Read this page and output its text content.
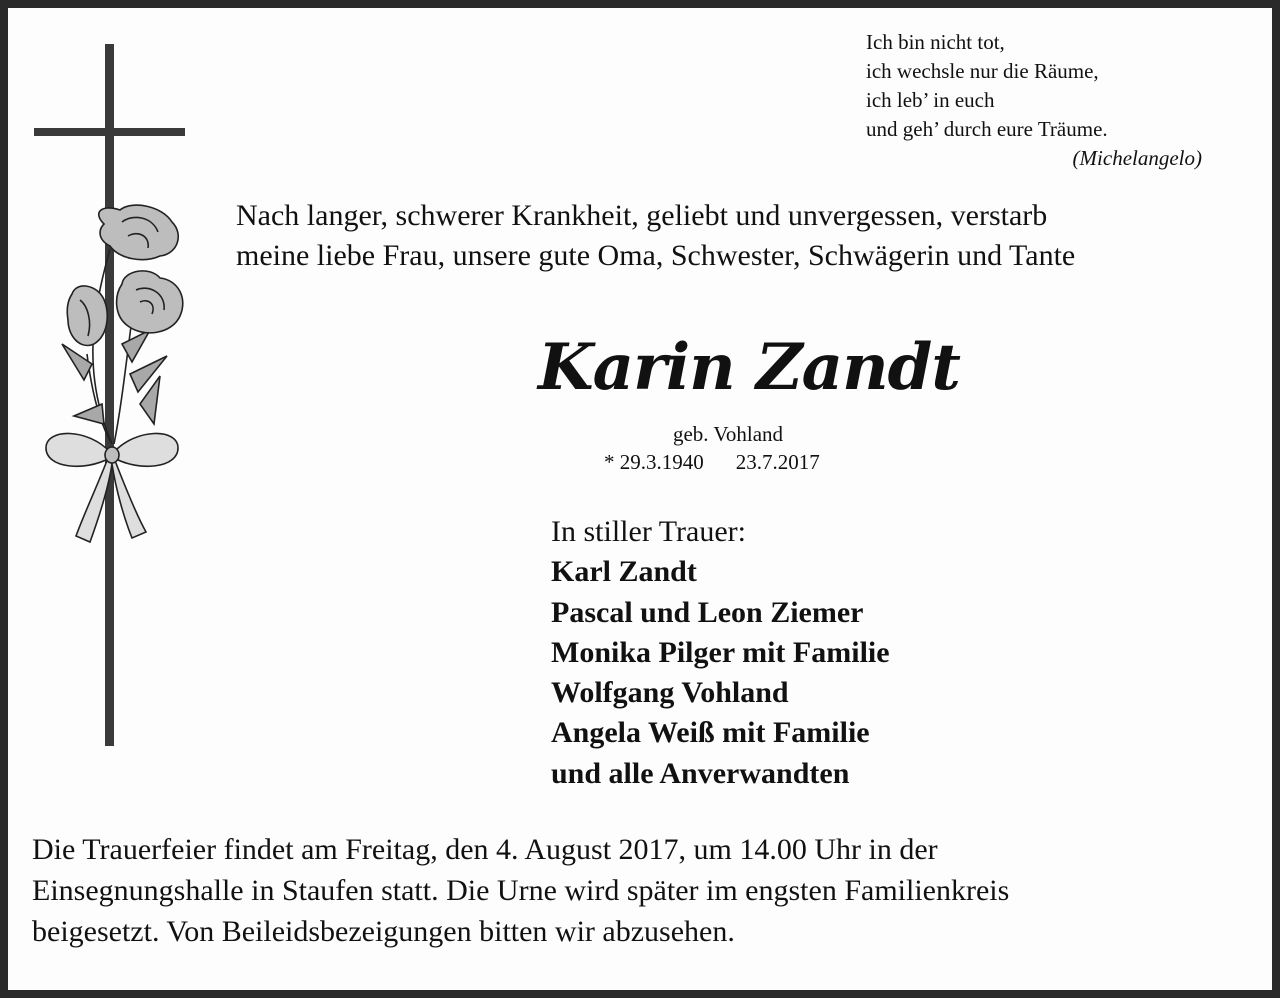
Ich bin nicht tot,
ich wechsle nur die Räume,
ich leb’ in euch
und geh’ durch eure Träume.
(Michelangelo)
Nach langer, schwerer Krankheit, geliebt und unvergessen, verstarb
meine liebe Frau, unsere gute Oma, Schwester, Schwägerin und Tante
Karin Zandt
geb. Vohland
* 29.3.1940 23.7.2017
In stiller Trauer:
Karl Zandt
Pascal und Leon Ziemer
Monika Pilger mit Familie
Wolfgang Vohland
Angela Weiß mit Familie
und alle Anverwandten
Die Trauerfeier findet am Freitag, den 4. August 2017, um 14.00 Uhr in der
Einsegnungshalle in Staufen statt. Die Urne wird später im engsten Familienkreis
beigesetzt. Von Beileidsbezeigungen bitten wir abzusehen.
